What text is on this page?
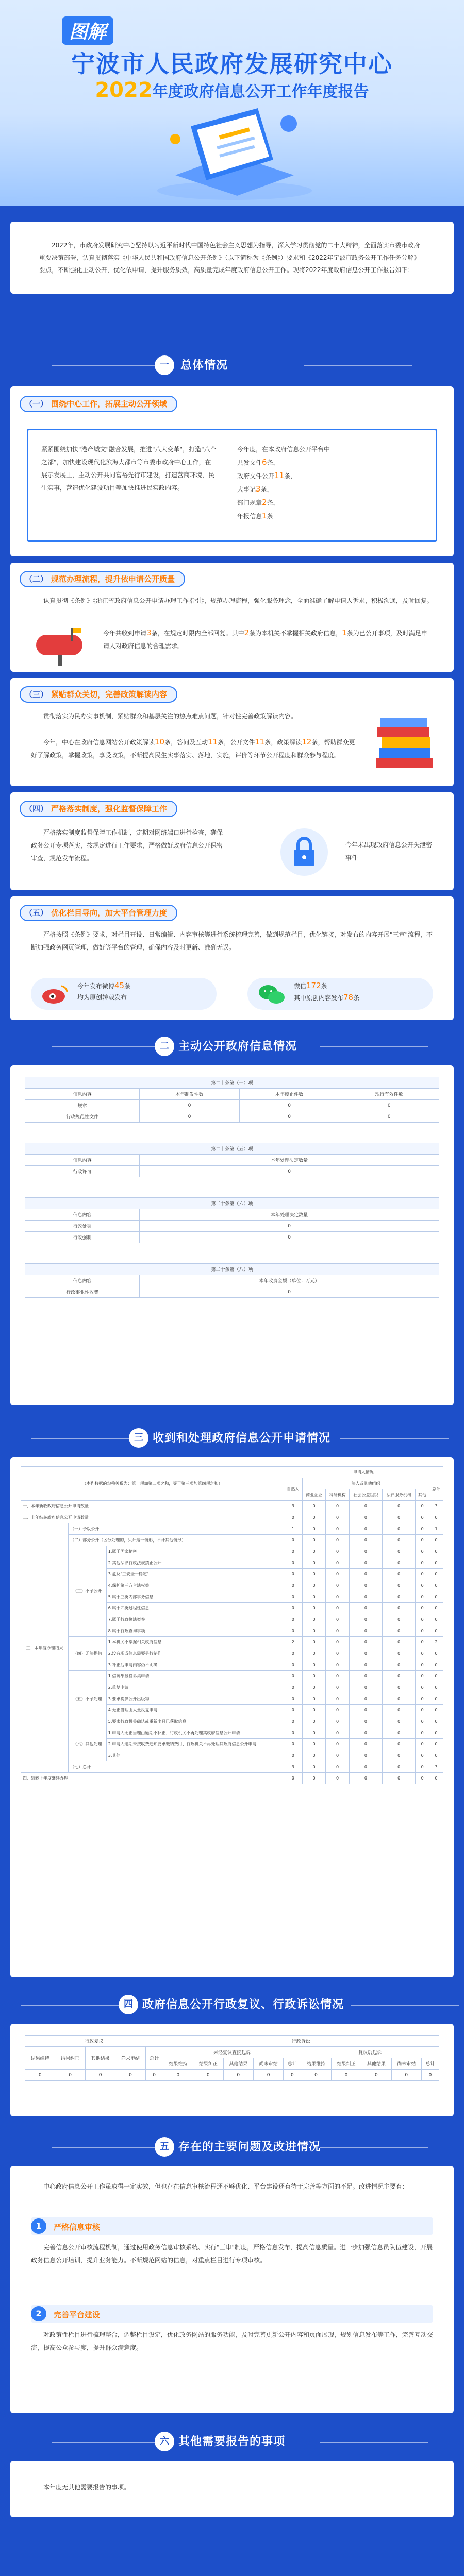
图解
宁波市人民政府发展研究中心
2022年度政府信息公开工作年度报告
2022年，市政府发展研究中心坚持以习近平新时代中国特色社会主义思想为指导，深入学习贯彻党的二十大精神，全面落实市委市政府重要决策部署，认真贯彻落实《中华人民共和国政府信息公开条例》（以下简称为《条例》）要求和《2022年宁波市政务公开工作任务分解》要点，不断强化主动公开，优化依申请，提升服务质效，高质量完成年度政府信息公开工作。现将2022年度政府信息公开工作报告如下：
一	总体情况
（一） 围绕中心工作，拓展主动公开领域
紧紧围绕加快"港产城文"融合发展，推进"八大变革"，打造"八个之都"，加快建设现代化滨海大都市等市委市政府中心工作，在展示发展上，主动公开共同富裕先行市建设，打造营商环境，民生实事，营造优化建设项目等加快推进民实政内容。
今年度，在本政府信息公开平台中
共发文件6条，
政府文件公开11条，
大事记3条，
部门规章2条，
年报信息1条
（二） 规范办理流程，提升依申请公开质量
认真贯彻《条例》《浙江省政府信息公开申请办理工作指引》，规范办理流程，强化服务理念，全面准确了解申请人诉求，积极沟通，及时回复。
今年共收到申请3条，在规定时限内全部回复。其中2条为本机关不掌握相关政府信息，1条为已公开事项，及时满足申请人对政府信息的合理需求。
（三） 紧贴群众关切，完善政策解读内容
贯彻落实为民办实事机制，紧贴群众和基层关注的热点难点问题，针对性完善政策解读内容。
今年，中心在政府信息网站公开政策解读10条，答问及互动11条，公开文件11条，政策解读12条，帮助群众更好了解政策，掌握政策，享受政策，不断提高民生实事落实、落地，实施，评价等环节公开程度和群众参与程度。
（四） 严格落实制度，强化监督保障工作
严格落实制度监督保障工作机制，定期对网络端口进行检查，确保政务公开专项落实，按规定进行工作要求，严格做好政府信息公开保密审查，规范发布流程。
今年未出现政府信息公开失泄密事件
（五） 优化栏目导向，加大平台管理力度
严格按照《条例》要求，对栏目开设、日常编辑、内容审核等进行系统梳理完善，做到规范栏目，优化链接，对发布的内容开展"三审"流程，不断加强政务网页管理，做好等平台的管理，确保内容及时更新、准确无误。
今年发布微博45条
均为原创转载发布
微信172条
其中原创内容发布78条
二 主动公开政府信息情况
第二十条第（一）项			
信息内容	本年制发件数	本年废止件数	现行有效件数
规章	0	0	0
行政规范性文件	0	0	0

第二十条第（五）项			
信息内容	本年处理决定数量		
行政许可	0		

第二十条第（六）项			
信息内容	本年处理决定数量		
行政处罚	0		
行政强制	0		

第二十条第（八）项			
信息内容	本年收费金额（单位：万元）		
行政事业性收费	0		
三 收到和处理政府信息公开申请情况
（本列数据的勾稽关系为：第一项加第二项之和，等于第三项加第四项之和）			申请人情况						
			自然人	法人或其他组织					总计
				商业企业	科研机构	社会公益组织	法律服务机构	其他	
一、本年新收政府信息公开申请数量			3	0	0	0	0	0	3
二、上年结转政府信息公开申请数量			0	0	0	0	0	0	0
三、本年度办理结果	（一）予以公开		1	0	0	0	0	0	1
	（二）部分公开（区分处理的，只计这一情形，不计其他情形）		0	0	0	0	0	0	0
	（三）不予公开	1.属于国家秘密	0	0	0	0	0	0	0
		2.其他法律行政法规禁止公开	0	0	0	0	0	0	0
		3.危及"三安全一稳定"	0	0	0	0	0	0	0
		4.保护第三方合法权益	0	0	0	0	0	0	0
		5.属于三类内部事务信息	0	0	0	0	0	0	0
		6.属于四类过程性信息	0	0	0	0	0	0	0
		7.属于行政执法案卷	0	0	0	0	0	0	0
		8.属于行政查询事项	0	0	0	0	0	0	0
	（四）无法提供	1.本机关不掌握相关政府信息	2	0	0	0	0	0	2
		2.没有现成信息需要另行制作	0	0	0	0	0	0	0
		3.补正后申请内容仍不明确	0	0	0	0	0	0	0
	（五）不予处理	1.信访举报投诉类申请	0	0	0	0	0	0	0
		2.重复申请	0	0	0	0	0	0	0
		3.要求提供公开出版物	0	0	0	0	0	0	0
		4.无正当理由大量反复申请	0	0	0	0	0	0	0
		5.要求行政机关确认或重新出具已获取信息	0	0	0	0	0	0	0
	（六）其他处理	1.申请人无正当理由逾期不补正、行政机关不再处理其政府信息公开申请	0	0	0	0	0	0	0
		2.申请人逾期未按收费通知要求缴纳费用、行政机关不再处理其政府信息公开申请	0	0	0	0	0	0	0
		3.其他	0	0	0	0	0	0	0
	（七）总计		3	0	0	0	0	0	3
四、结转下年度继续办理			0	0	0	0	0	0	0
四 政府信息公开行政复议、行政诉讼情况
行政复议					行政诉讼									
结果维持	结果纠正	其他结果	尚未审结	总计	未经复议直接起诉					复议后起诉				
					结果维持	结果纠正	其他结果	尚未审结	总计	结果维持	结果纠正	其他结果	尚未审结	总计
0	0	0	0	0	0	0	0	0	0	0	0	0	0	0
五 存在的主要问题及改进情况
中心政府信息公开工作虽取得一定实效，但也存在信息审核流程还不够优化、平台建设还有待于完善等方面的不足。改进情况主要有：
1	严格信息审核
完善信息公开审核流程机制，通过使用政务信息审核系统、实行"三审"制度，严格信息发布，提高信息质量。进一步加强信息员队伍建设，开展政务信息公开培训，提升业务能力。不断规范网站的信息，对重点栏目进行专项审核。
2	完善平台建设
对政策性栏目进行梳理整合，调整栏目设定，优化政务网站的服务功能，及时完善更新公开内容和页面展现，规划信息发布等工作，完善互动交流，提高公众参与度，提升群众满意度。
六 其他需要报告的事项
本年度无其他需要报告的事项。
